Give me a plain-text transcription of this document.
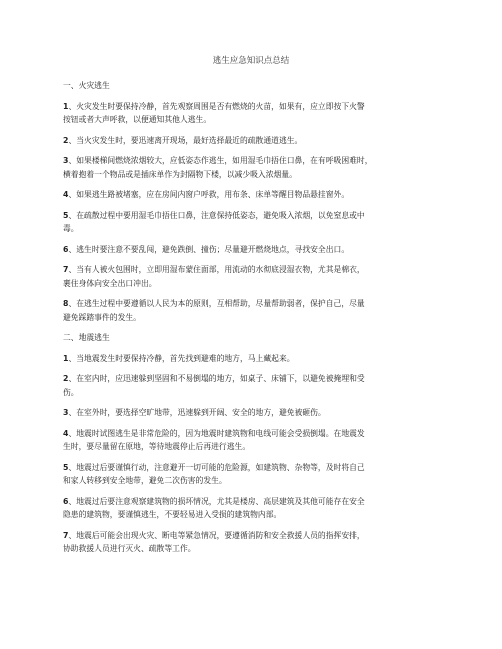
逃生应急知识点总结
一、火灾逃生
1、火灾发生时要保持冷静，首先观察周围是否有燃烧的火苗，如果有，应立即按下火警
按钮或者大声呼救，以便通知其他人逃生。
2、当火灾发生时，要迅速离开现场，最好选择最近的疏散通道逃生。
3、如果楼梯间燃烧浓烟较大，应低姿态作逃生，如用湿毛巾捂住口鼻，在有呼吸困难时，
横着抱着一个物品或是插床单作为封隔物下楼，以减少吸入浓烟量。
4、如果逃生路被堵塞，应在房间内窗户呼救，用布条、床单等醒目物品悬挂窗外。
5、在疏散过程中要用湿毛巾捂住口鼻，注意保持低姿态，避免吸入浓烟，以免窒息或中
毒。
6、逃生时要注意不要乱闯，避免跌倒、撞伤；尽量避开燃烧地点，寻找安全出口。
7、当有人被火包围时，立即用湿布蒙住面部，用流动的水彻底浸湿衣物，尤其是棉衣，
裹住身体向安全出口冲出。
8、在逃生过程中要遵循以人民为本的原则，互相帮助，尽量帮助弱者，保护自己，尽量
避免踩踏事件的发生。
二、地震逃生
1、当地震发生时要保持冷静，首先找到避难的地方，马上藏起来。
2、在室内时，应迅速躲到坚固和不易倒塌的地方，如桌子、床铺下，以避免被掩埋和受
伤。
3、在室外时，要选择空旷地带，迅速躲到开阔、安全的地方，避免被砸伤。
4、地震时试图逃生是非常危险的，因为地震时建筑物和电线可能会受损倒塌。在地震发
生时，要尽量留在原地，等待地震停止后再进行逃生。
5、地震过后要谨慎行动，注意避开一切可能的危险源，如建筑物、杂物等，及时将自己
和家人转移到安全地带，避免二次伤害的发生。
6、地震过后要注意观察建筑物的损坏情况，尤其是楼房、高层建筑及其他可能存在安全
隐患的建筑物，要谨慎逃生，不要轻易进入受损的建筑物内部。
7、地震后可能会出现火灾、断电等紧急情况，要遵循消防和安全救援人员的指挥安排，
协助救援人员进行灭火、疏散等工作。
